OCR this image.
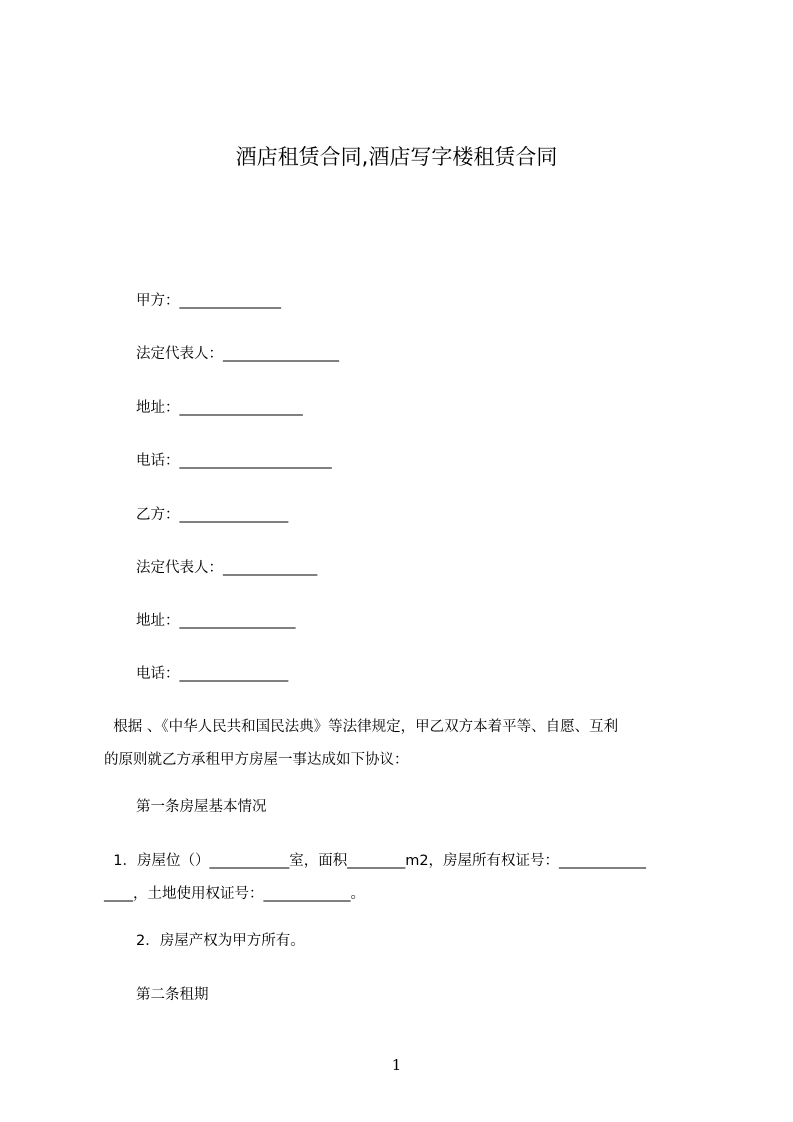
酒店租赁合同,酒店写字楼租赁合同
甲方：______________
法定代表人：________________
地址：_________________
电话：_____________________
乙方：_______________
法定代表人：_____________
地址：________________
电话：_______________
根据 、《中华人民共和国民法典》等法律规定，甲乙双方本着平等、自愿、互利
的原则就乙方承租甲方房屋一事达成如下协议：
第一条房屋基本情况
1．房屋位（）___________室，面积________m2，房屋所有权证号：____________
____，土地使用权证号：____________。
2．房屋产权为甲方所有。
第二条租期
1
